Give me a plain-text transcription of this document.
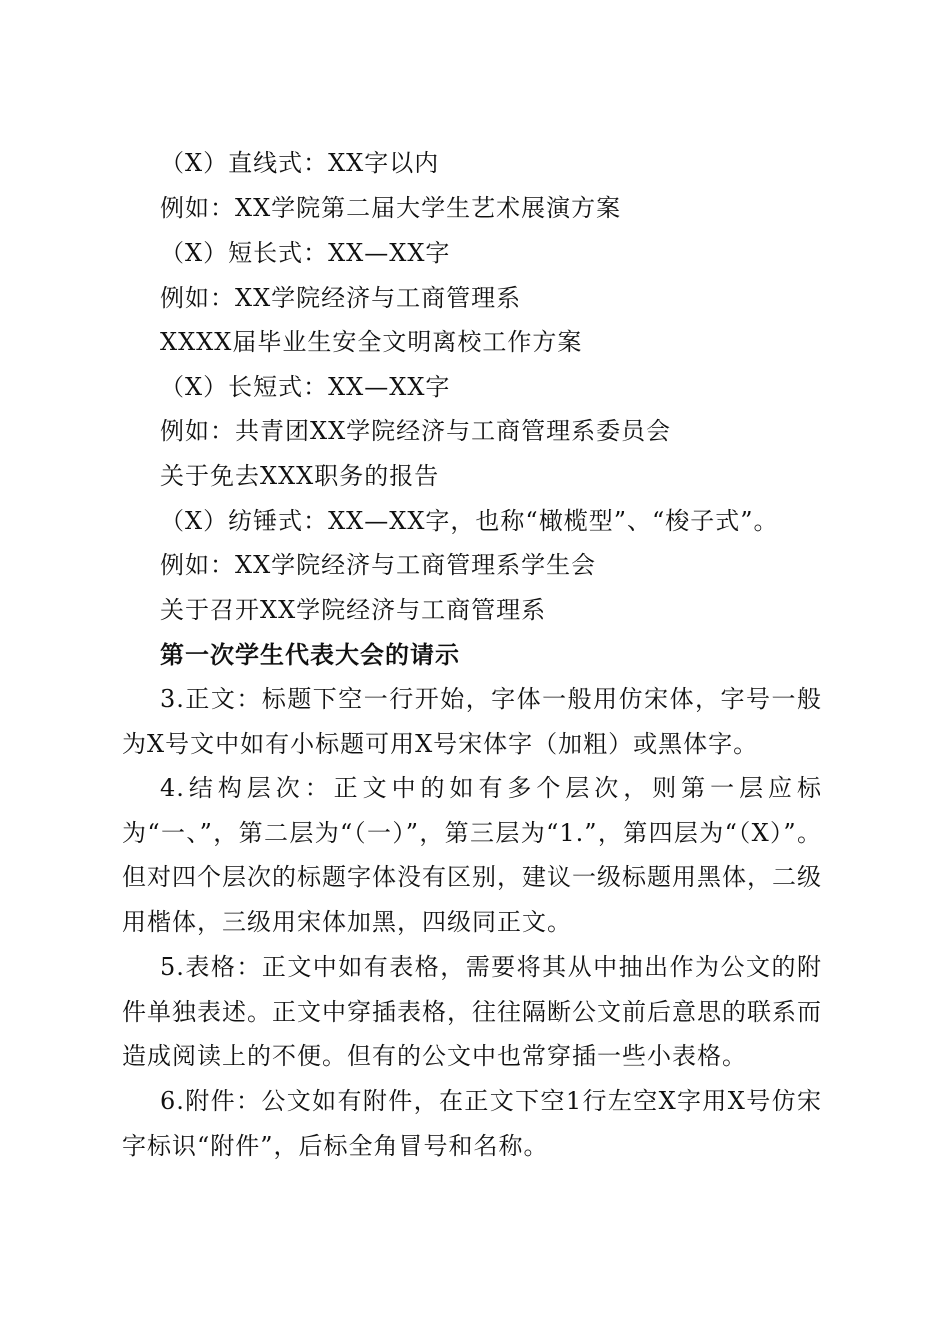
（X）直线式：XX字以内
例如：XX学院第二届大学生艺术展演方案
（X）短长式：XX—XX字
例如：XX学院经济与工商管理系
XXXX届毕业生安全文明离校工作方案
（X）长短式：XX—XX字
例如：共青团XX学院经济与工商管理系委员会
关于免去XXX职务的报告
（X）纺锤式：XX—XX字，也称“橄榄型”、“梭子式”。
例如：XX学院经济与工商管理系学生会
关于召开XX学院经济与工商管理系
第一次学生代表大会的请示
3.正文：标题下空一行开始，字体一般用仿宋体，字号一般为X号文中如有小标题可用X号宋体字（加粗）或黑体字。
4.结构层次：正文中的如有多个层次，则第一层应标为“一、”，第二层为“（一）”，第三层为“1.”，第四层为“（X）”。但对四个层次的标题字体没有区别，建议一级标题用黑体，二级用楷体，三级用宋体加黑，四级同正文。
5.表格：正文中如有表格，需要将其从中抽出作为公文的附件单独表述。正文中穿插表格，往往隔断公文前后意思的联系而造成阅读上的不便。但有的公文中也常穿插一些小表格。
6.附件：公文如有附件，在正文下空1行左空X字用X号仿宋字标识“附件”，后标全角冒号和名称。
